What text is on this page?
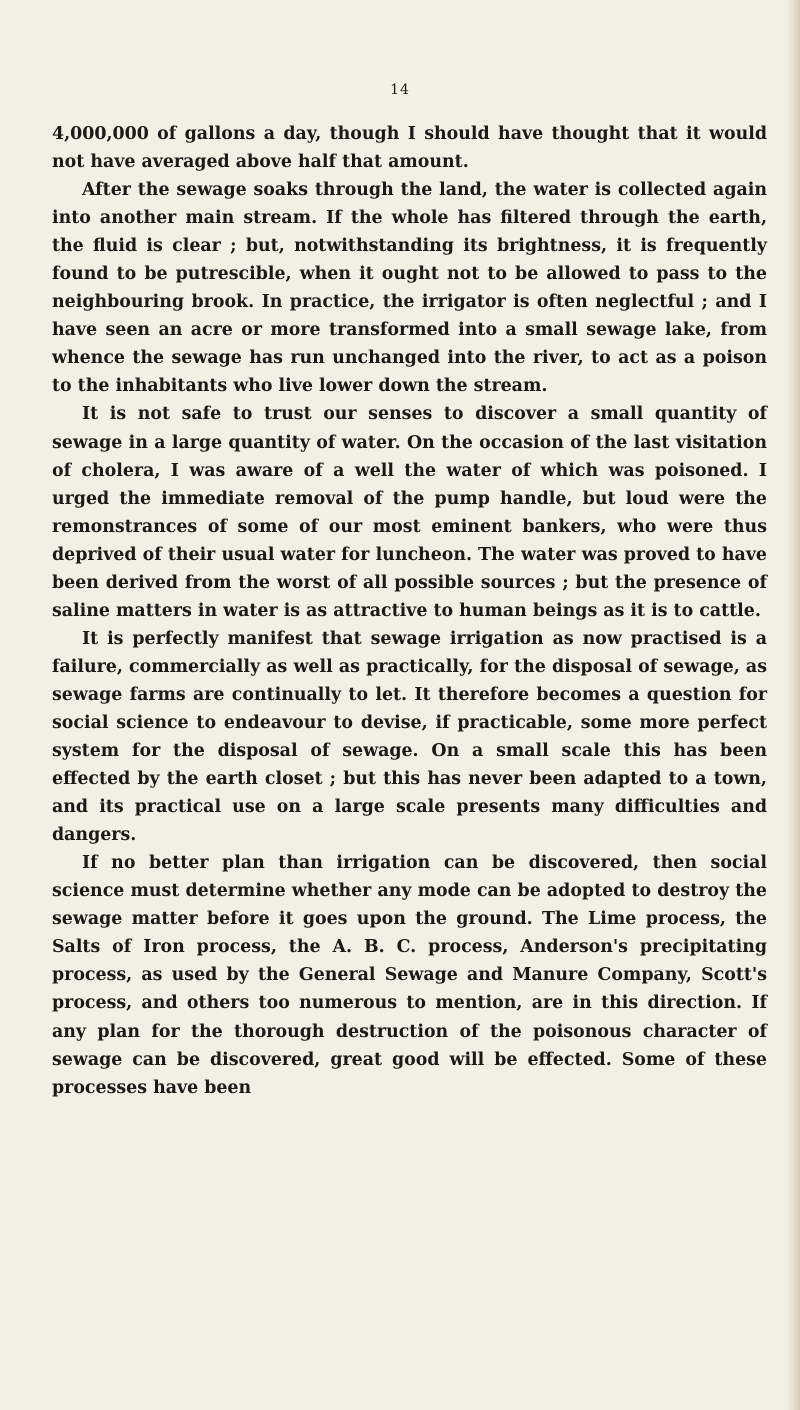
14

4,000,000 of gallons a day, though I should have thought that it would not have averaged above half that amount.

After the sewage soaks through the land, the water is collected again into another main stream. If the whole has filtered through the earth, the fluid is clear ; but, notwithstanding its brightness, it is frequently found to be putrescible, when it ought not to be allowed to pass to the neighbouring brook. In practice, the irrigator is often neglectful ; and I have seen an acre or more transformed into a small sewage lake, from whence the sewage has run unchanged into the river, to act as a poison to the inhabitants who live lower down the stream.

It is not safe to trust our senses to discover a small quantity of sewage in a large quantity of water. On the occasion of the last visitation of cholera, I was aware of a well the water of which was poisoned. I urged the immediate removal of the pump handle, but loud were the remonstrances of some of our most eminent bankers, who were thus deprived of their usual water for luncheon. The water was proved to have been derived from the worst of all possible sources ; but the presence of saline matters in water is as attractive to human beings as it is to cattle.

It is perfectly manifest that sewage irrigation as now practised is a failure, commercially as well as practically, for the disposal of sewage, as sewage farms are continually to let. It therefore becomes a question for social science to endeavour to devise, if practicable, some more perfect system for the disposal of sewage. On a small scale this has been effected by the earth closet ; but this has never been adapted to a town, and its practical use on a large scale presents many difficulties and dangers.

If no better plan than irrigation can be discovered, then social science must determine whether any mode can be adopted to destroy the sewage matter before it goes upon the ground. The Lime process, the Salts of Iron process, the A. B. C. process, Anderson's precipitating process, as used by the General Sewage and Manure Company, Scott's process, and others too numerous to mention, are in this direction. If any plan for the thorough destruction of the poisonous character of sewage can be discovered, great good will be effected. Some of these processes have been
